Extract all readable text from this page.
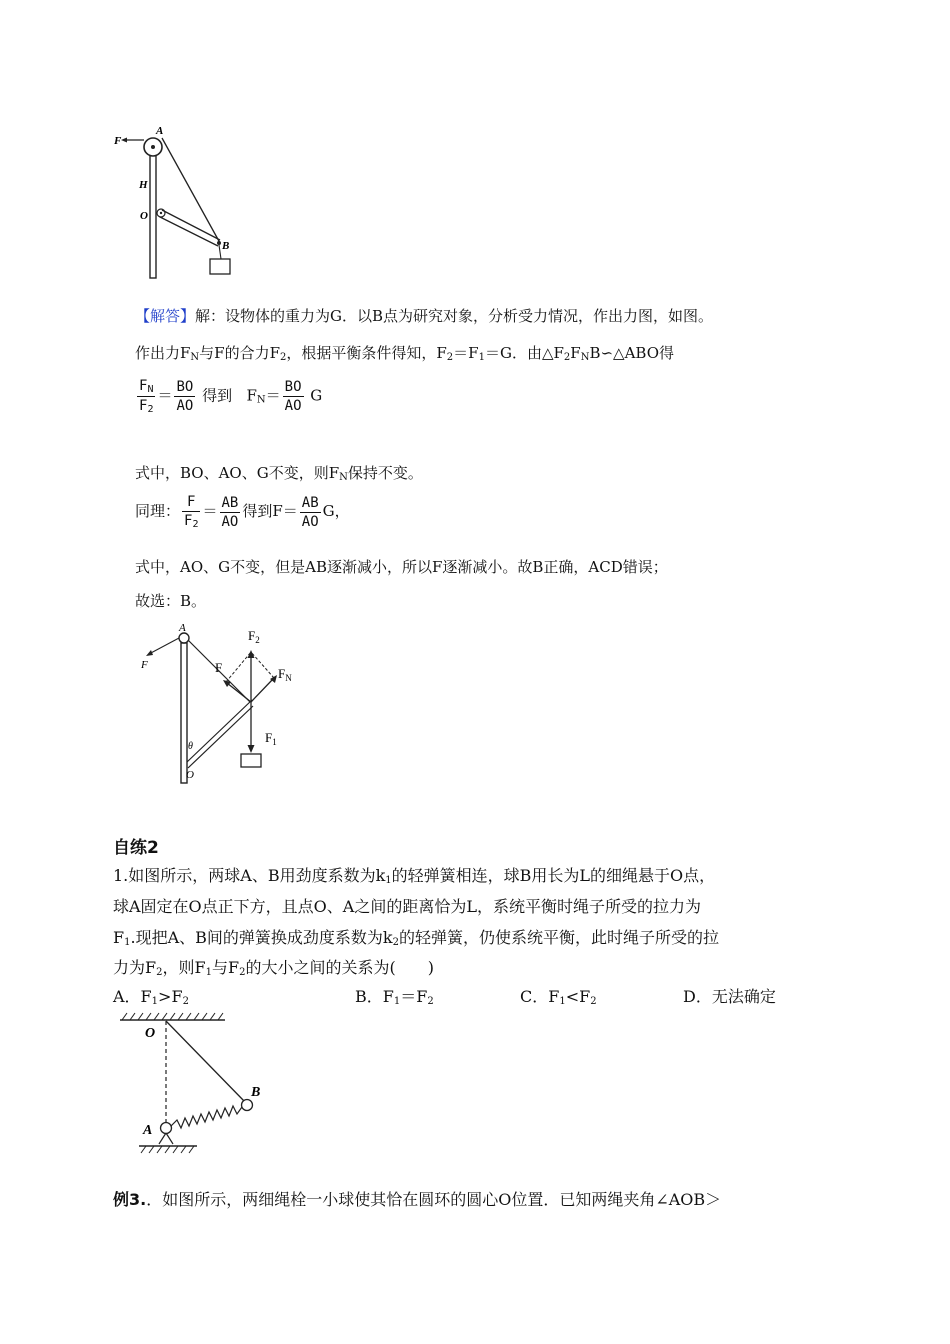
F
A
H
O
B
【解答】解：设物体的重力为G．以B点为研究对象，分析受力情况，作出力图，如图。
作出力$F_N$与F的合力$F_2$，根据平衡条件得知，$F_2=F_1=G$．由$\triangle F_2F_NB∽\triangle ABO$得
$\frac{F_N}{F_2} = \frac{BO}{AO}$ 得到 $F_N= \frac{BO}{AO}$ G
式中，BO、AO、G不变，则$F_N$保持不变。
同理： $\frac{F}{F_2} = \frac{AB}{AO}$ 得到$F= \frac{AB}{AO}$ G，
式中，AO、G不变，但是AB逐渐减小，所以F逐渐减小。故B正确，ACD错误；
故选：B。
A
F
θ
O
$F_1$
$F_2$
F	$F_N$
自练2
1.如图所示，两球A、B用劲度系数为$k_1$的轻弹簧相连，球B用长为L的细绳悬于O点，
球A固定在O点正下方，且点O、A之间的距离恰为L，系统平衡时绳子所受的拉力为
$F_1$.现把A、B间的弹簧换成劲度系数为$k_2$的轻弹簧，仍使系统平衡，此时绳子所受的拉
力为$F_2$，则$F_1$与$F_2$的大小之间的关系为(　　)
A．$F_1>F_2$	B．$F_1=F_2$	C．$F_1<F_2$	D．无法确定
O
B
A
例3.．如图所示，两细绳栓一小球使其恰在圆环的圆心O位置．已知两绳夹角∠AOB＞
